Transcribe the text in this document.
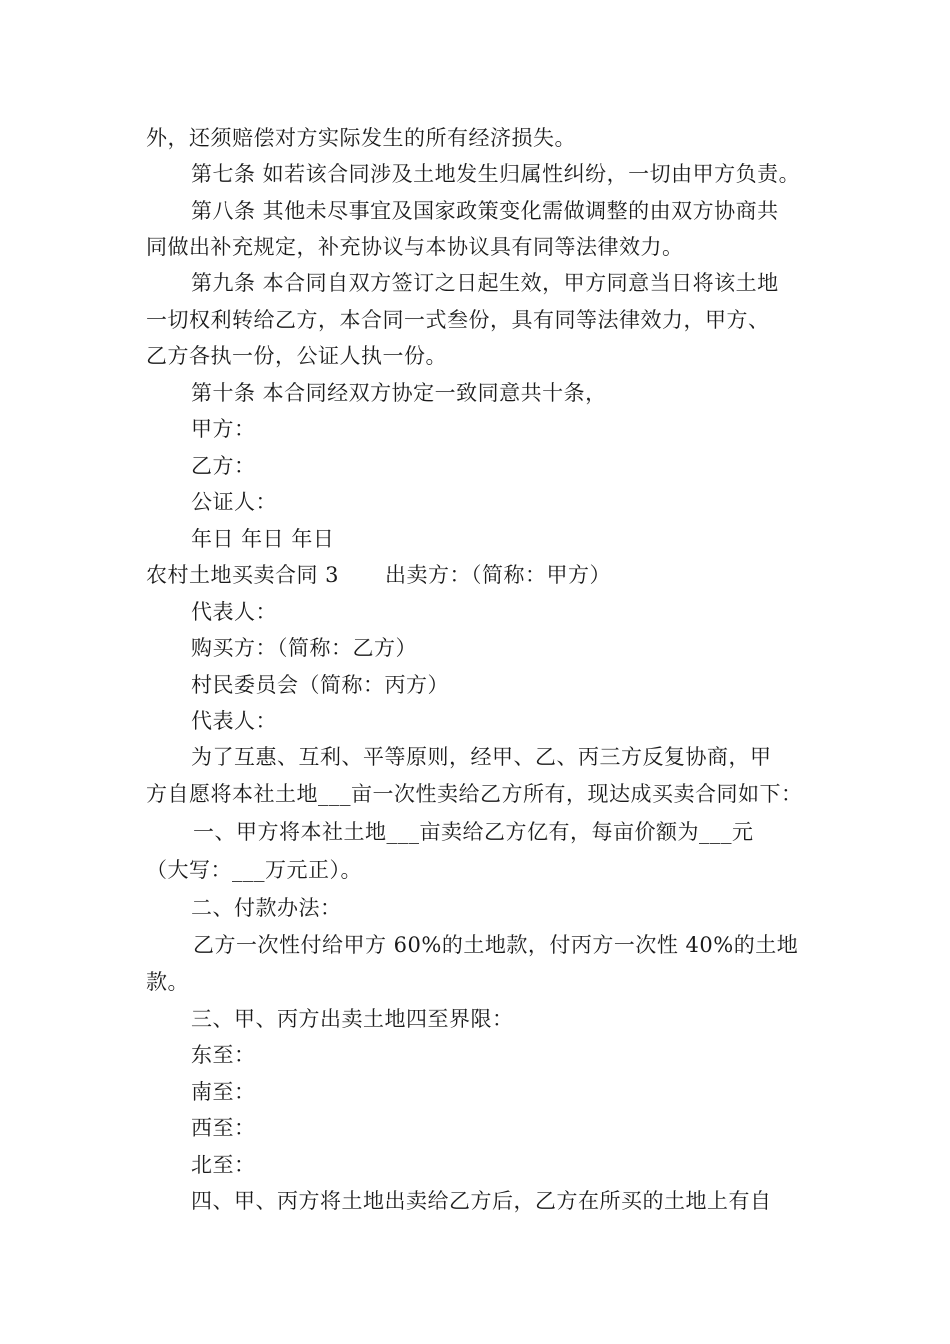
外，还须赔偿对方实际发生的所有经济损失。
第七条 如若该合同涉及土地发生归属性纠纷，一切由甲方负责。
第八条 其他未尽事宜及国家政策变化需做调整的由双方协商共
同做出补充规定，补充协议与本协议具有同等法律效力。
第九条 本合同自双方签订之日起生效，甲方同意当日将该土地
一切权利转给乙方，本合同一式叁份，具有同等法律效力，甲方、
乙方各执一份，公证人执一份。
第十条 本合同经双方协定一致同意共十条，
甲方：
乙方：
公证人：
年日 年日 年日
农村土地买卖合同 3 出卖方：（简称：甲方）
代表人：
购买方：（简称：乙方）
村民委员会（简称：丙方）
代表人：
为了互惠、互利、平等原则，经甲、乙、丙三方反复协商，甲
方自愿将本社土地___亩一次性卖给乙方所有，现达成买卖合同如下：
一、甲方将本社土地___亩卖给乙方亿有，每亩价额为___元
（大写：___万元正）。
二、付款办法：
乙方一次性付给甲方 60%的土地款，付丙方一次性 40%的土地
款。
三、甲、丙方出卖土地四至界限：
东至：
南至：
西至：
北至：
四、甲、丙方将土地出卖给乙方后，乙方在所买的土地上有自
